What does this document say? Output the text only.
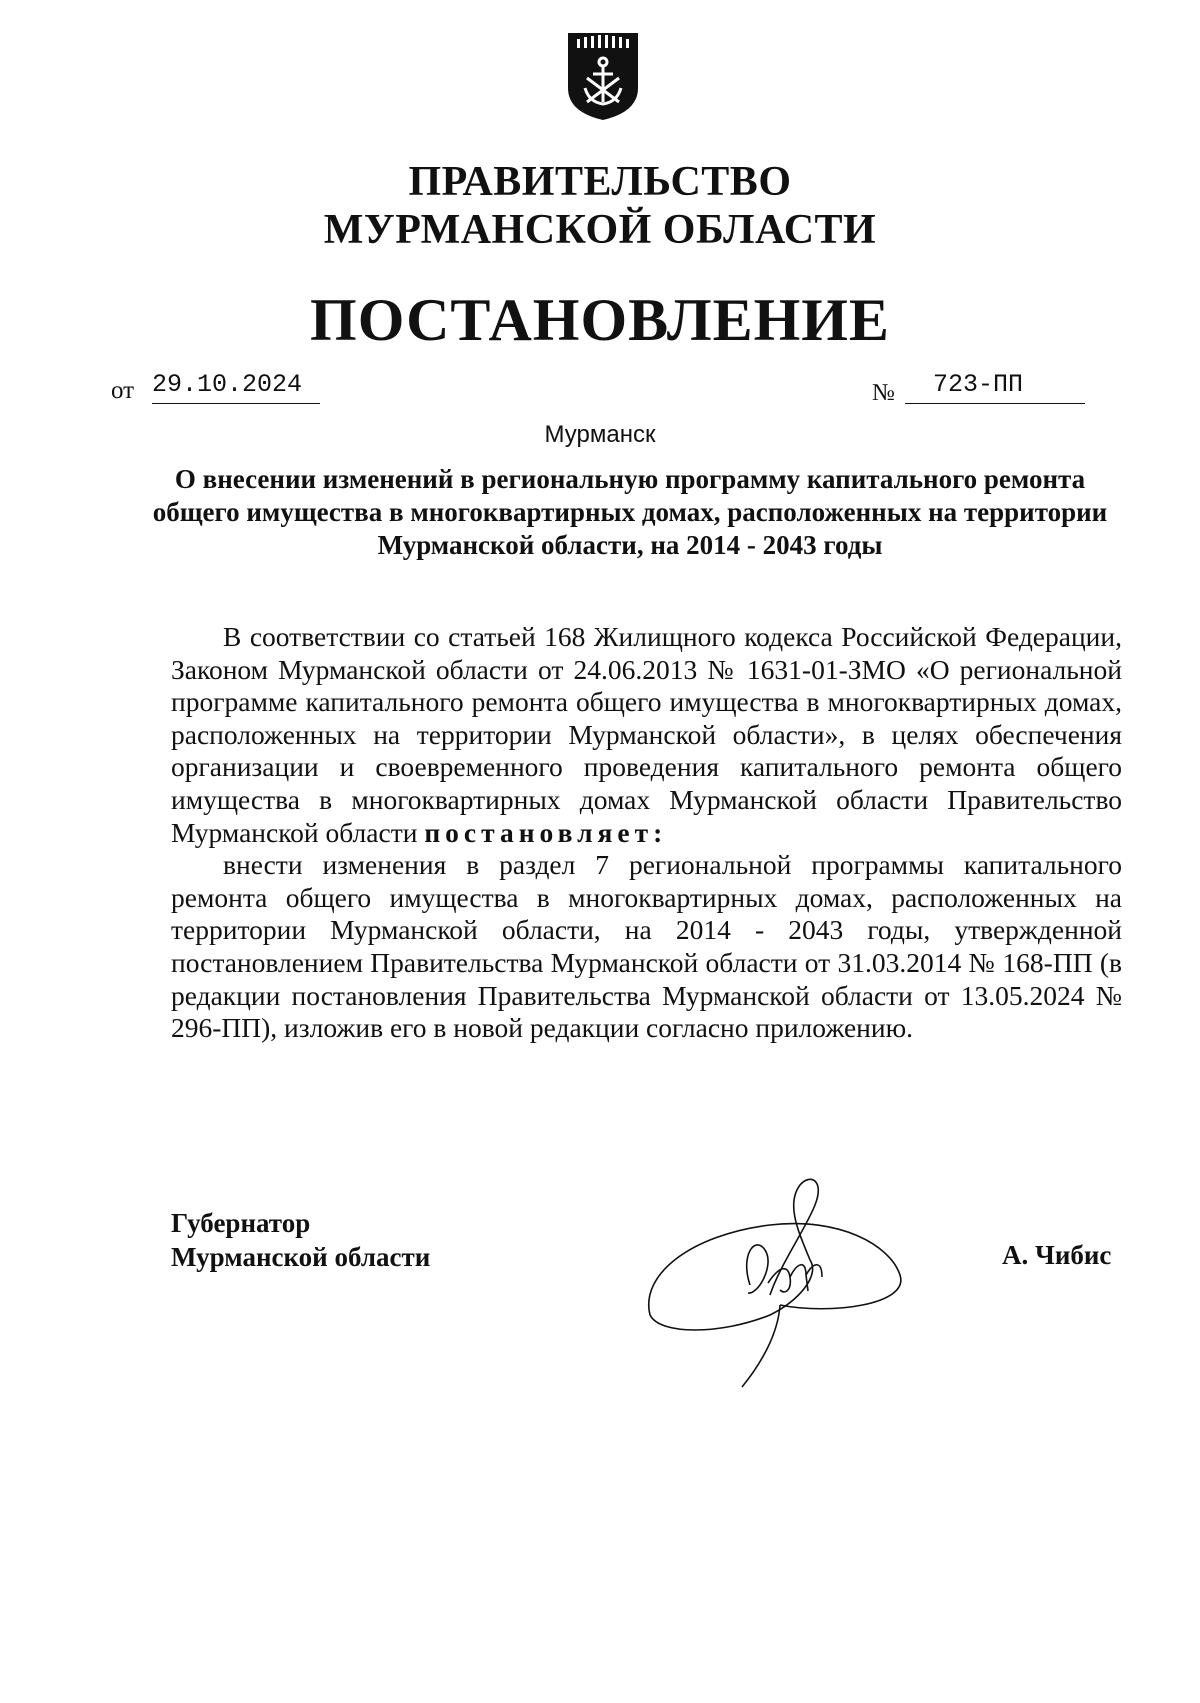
ПРАВИТЕЛЬСТВО
МУРМАНСКОЙ ОБЛАСТИ
ПОСТАНОВЛЕНИЕ
от 29.10.2024	№	723-ПП
Мурманск
О внесении изменений в региональную программу капитального ремонта общего имущества в многоквартирных домах, расположенных на территории Мурманской области, на 2014 - 2043 годы

В соответствии со статьей 168 Жилищного кодекса Российской Федерации, Законом Мурманской области от 24.06.2013 № 1631-01-ЗМО «О региональной программе капитального ремонта общего имущества в многоквартирных домах, расположенных на территории Мурманской области», в целях обеспечения организации и своевременного проведения капитального ремонта общего имущества в многоквартирных домах Мурманской области Правительство Мурманской области постановляет:

внести изменения в раздел 7 региональной программы капитального ремонта общего имущества в многоквартирных домах, расположенных на территории Мурманской области, на 2014 - 2043 годы, утвержденной постановлением Правительства Мурманской области от 31.03.2014 № 168-ПП (в редакции постановления Правительства Мурманской области от 13.05.2024 № 296-ПП), изложив его в новой редакции согласно приложению.

Губернатор
Мурманской области	А. Чибис
